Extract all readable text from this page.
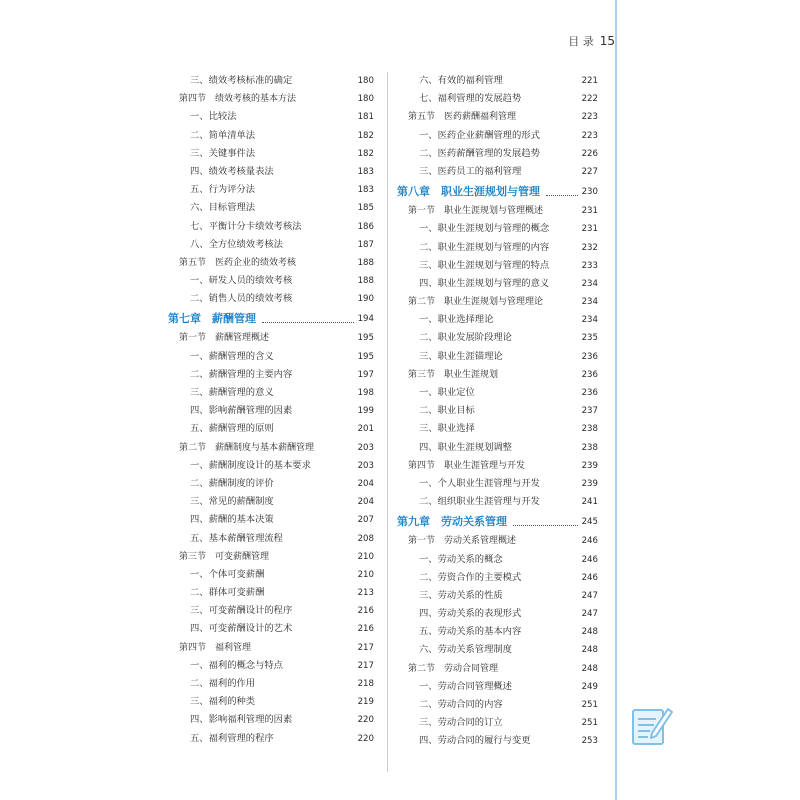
目 录 15
三、绩效考核标准的确定	180
第四节　绩效考核的基本方法	180
一、比较法	181
二、简单清单法	182
三、关键事件法	182
四、绩效考核量表法	183
五、行为评分法	183
六、目标管理法	185
七、平衡计分卡绩效考核法	186
八、全方位绩效考核法	187
第五节　医药企业的绩效考核	188
一、研发人员的绩效考核	188
二、销售人员的绩效考核	190
第七章　薪酬管理	194
第一节　薪酬管理概述	195
一、薪酬管理的含义	195
二、薪酬管理的主要内容	197
三、薪酬管理的意义	198
四、影响薪酬管理的因素	199
五、薪酬管理的原则	201
第二节　薪酬制度与基本薪酬管理	203
一、薪酬制度设计的基本要求	203
二、薪酬制度的评价	204
三、常见的薪酬制度	204
四、薪酬的基本决策	207
五、基本薪酬管理流程	208
第三节　可变薪酬管理	210
一、个体可变薪酬	210
二、群体可变薪酬	213
三、可变薪酬设计的程序	216
四、可变薪酬设计的艺术	216
第四节　福利管理	217
一、福利的概念与特点	217
二、福利的作用	218
三、福利的种类	219
四、影响福利管理的因素	220
五、福利管理的程序	220
六、有效的福利管理	221
七、福利管理的发展趋势	222
第五节　医药薪酬福利管理	223
一、医药企业薪酬管理的形式	223
二、医药薪酬管理的发展趋势	226
三、医药员工的福利管理	227
第八章　职业生涯规划与管理	230
第一节　职业生涯规划与管理概述	231
一、职业生涯规划与管理的概念	231
二、职业生涯规划与管理的内容	232
三、职业生涯规划与管理的特点	233
四、职业生涯规划与管理的意义	234
第二节　职业生涯规划与管理理论	234
一、职业选择理论	234
二、职业发展阶段理论	235
三、职业生涯锚理论	236
第三节　职业生涯规划	236
一、职业定位	236
二、职业目标	237
三、职业选择	238
四、职业生涯规划调整	238
第四节　职业生涯管理与开发	239
一、个人职业生涯管理与开发	239
二、组织职业生涯管理与开发	241
第九章　劳动关系管理	245
第一节　劳动关系管理概述	246
一、劳动关系的概念	246
二、劳资合作的主要模式	246
三、劳动关系的性质	247
四、劳动关系的表现形式	247
五、劳动关系的基本内容	248
六、劳动关系管理制度	248
第二节　劳动合同管理	248
一、劳动合同管理概述	249
二、劳动合同的内容	251
三、劳动合同的订立	251
四、劳动合同的履行与变更	253
